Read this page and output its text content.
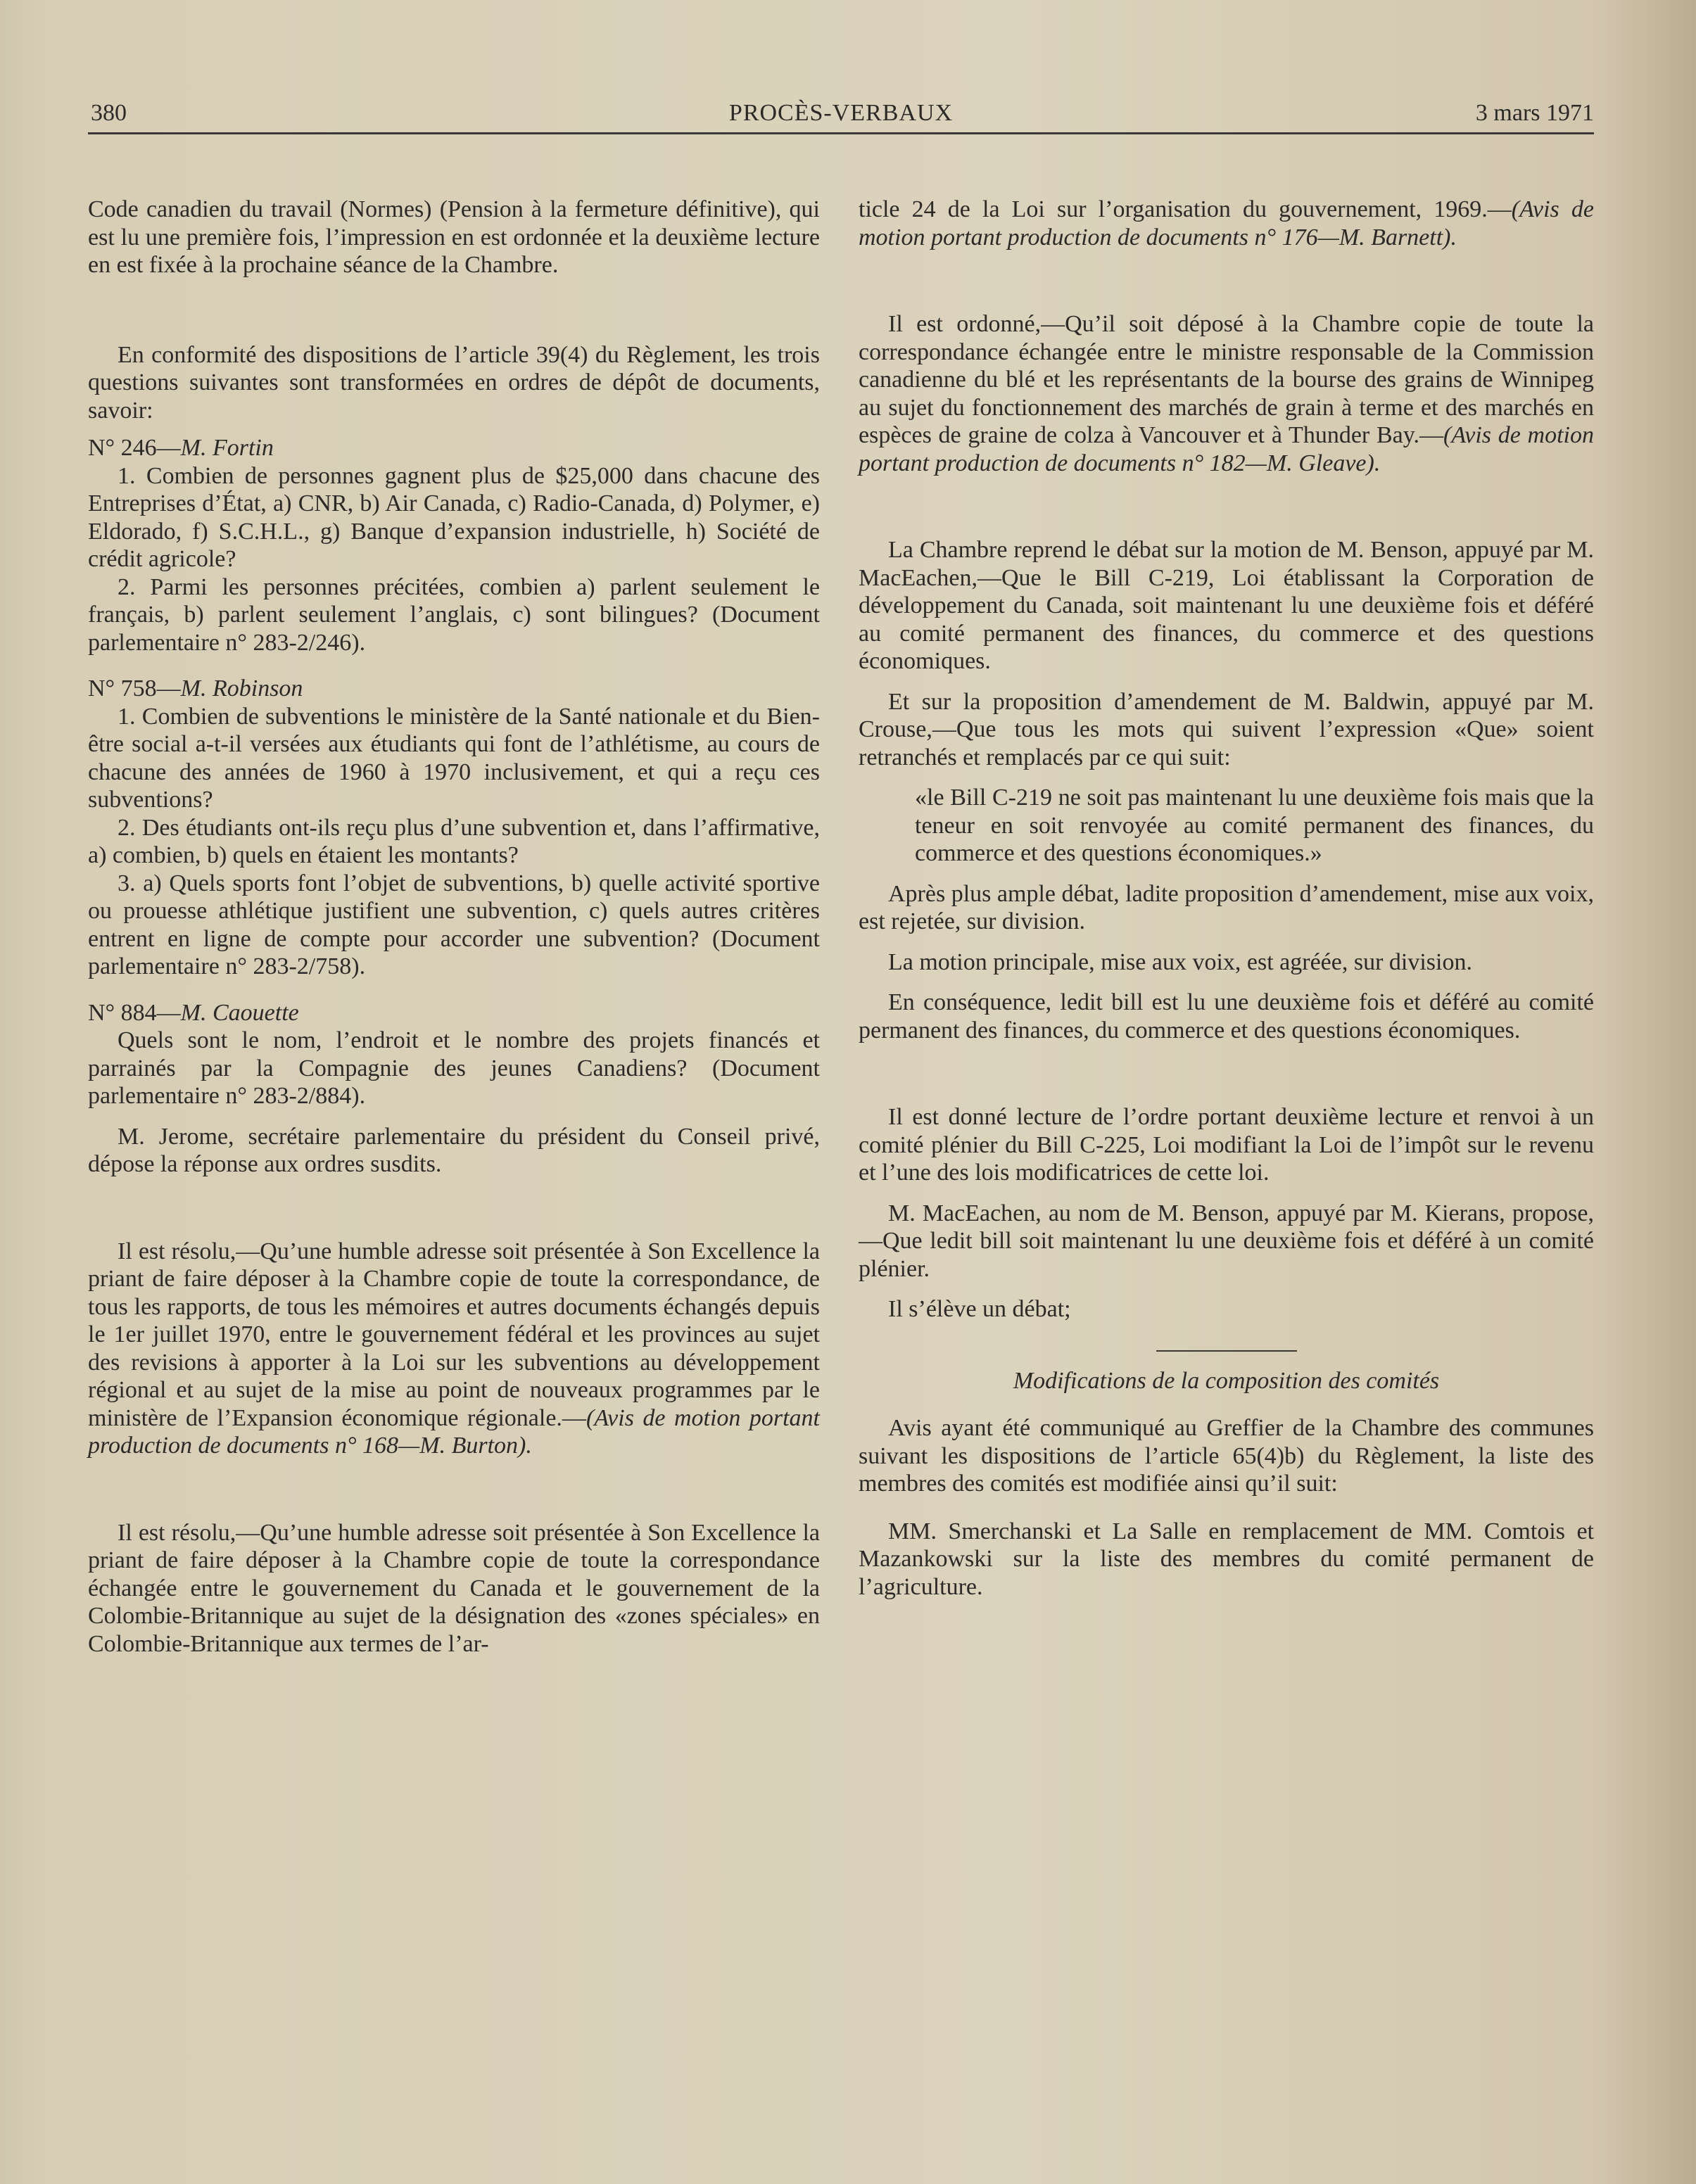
380	PROCÈS-VERBAUX	3 mars 1971

Code canadien du travail (Normes) (Pension à la fermeture définitive), qui est lu une première fois, l’impression en est ordonnée et la deuxième lecture en est fixée à la prochaine séance de la Chambre.

En conformité des dispositions de l’article 39(4) du Règlement, les trois questions suivantes sont transformées en ordres de dépôt de documents, savoir:

N° 246—M. Fortin

1. Combien de personnes gagnent plus de $25,000 dans chacune des Entreprises d’État, a) CNR, b) Air Canada, c) Radio-Canada, d) Polymer, e) Eldorado, f) S.C.H.L., g) Banque d’expansion industrielle, h) Société de crédit agricole?

2. Parmi les personnes précitées, combien a) parlent seulement le français, b) parlent seulement l’anglais, c) sont bilingues? (Document parlementaire n° 283-2/246).

N° 758—M. Robinson

1. Combien de subventions le ministère de la Santé nationale et du Bien-être social a-t-il versées aux étudiants qui font de l’athlétisme, au cours de chacune des années de 1960 à 1970 inclusivement, et qui a reçu ces subventions?

2. Des étudiants ont-ils reçu plus d’une subvention et, dans l’affirmative, a) combien, b) quels en étaient les montants?

3. a) Quels sports font l’objet de subventions, b) quelle activité sportive ou prouesse athlétique justifient une subvention, c) quels autres critères entrent en ligne de compte pour accorder une subvention? (Document parlementaire n° 283-2/758).

N° 884—M. Caouette

Quels sont le nom, l’endroit et le nombre des projets financés et parrainés par la Compagnie des jeunes Canadiens? (Document parlementaire n° 283-2/884).

M. Jerome, secrétaire parlementaire du président du Conseil privé, dépose la réponse aux ordres susdits.

Il est résolu,—Qu’une humble adresse soit présentée à Son Excellence la priant de faire déposer à la Chambre copie de toute la correspondance, de tous les rapports, de tous les mémoires et autres documents échangés depuis le 1er juillet 1970, entre le gouvernement fédéral et les provinces au sujet des revisions à apporter à la Loi sur les subventions au développement régional et au sujet de la mise au point de nouveaux programmes par le ministère de l’Expansion économique régionale.—(Avis de motion portant production de documents n° 168—M. Burton).

Il est résolu,—Qu’une humble adresse soit présentée à Son Excellence la priant de faire déposer à la Chambre copie de toute la correspondance échangée entre le gouvernement du Canada et le gouvernement de la Colombie-Britannique au sujet de la désignation des «zones spéciales» en Colombie-Britannique aux termes de l’ar-

ticle 24 de la Loi sur l’organisation du gouvernement, 1969.—(Avis de motion portant production de documents n° 176—M. Barnett).

Il est ordonné,—Qu’il soit déposé à la Chambre copie de toute la correspondance échangée entre le ministre responsable de la Commission canadienne du blé et les représentants de la bourse des grains de Winnipeg au sujet du fonctionnement des marchés de grain à terme et des marchés en espèces de graine de colza à Vancouver et à Thunder Bay.—(Avis de motion portant production de documents n° 182—M. Gleave).

La Chambre reprend le débat sur la motion de M. Benson, appuyé par M. MacEachen,—Que le Bill C-219, Loi établissant la Corporation de développement du Canada, soit maintenant lu une deuxième fois et déféré au comité permanent des finances, du commerce et des questions économiques.

Et sur la proposition d’amendement de M. Baldwin, appuyé par M. Crouse,—Que tous les mots qui suivent l’expression «Que» soient retranchés et remplacés par ce qui suit:

«le Bill C-219 ne soit pas maintenant lu une deuxième fois mais que la teneur en soit renvoyée au comité permanent des finances, du commerce et des questions économiques.»

Après plus ample débat, ladite proposition d’amendement, mise aux voix, est rejetée, sur division.

La motion principale, mise aux voix, est agréée, sur division.

En conséquence, ledit bill est lu une deuxième fois et déféré au comité permanent des finances, du commerce et des questions économiques.

Il est donné lecture de l’ordre portant deuxième lecture et renvoi à un comité plénier du Bill C-225, Loi modifiant la Loi de l’impôt sur le revenu et l’une des lois modificatrices de cette loi.

M. MacEachen, au nom de M. Benson, appuyé par M. Kierans, propose,—Que ledit bill soit maintenant lu une deuxième fois et déféré à un comité plénier.

Il s’élève un débat;

Modifications de la composition des comités

Avis ayant été communiqué au Greffier de la Chambre des communes suivant les dispositions de l’article 65(4)b) du Règlement, la liste des membres des comités est modifiée ainsi qu’il suit:

MM. Smerchanski et La Salle en remplacement de MM. Comtois et Mazankowski sur la liste des membres du comité permanent de l’agriculture.
